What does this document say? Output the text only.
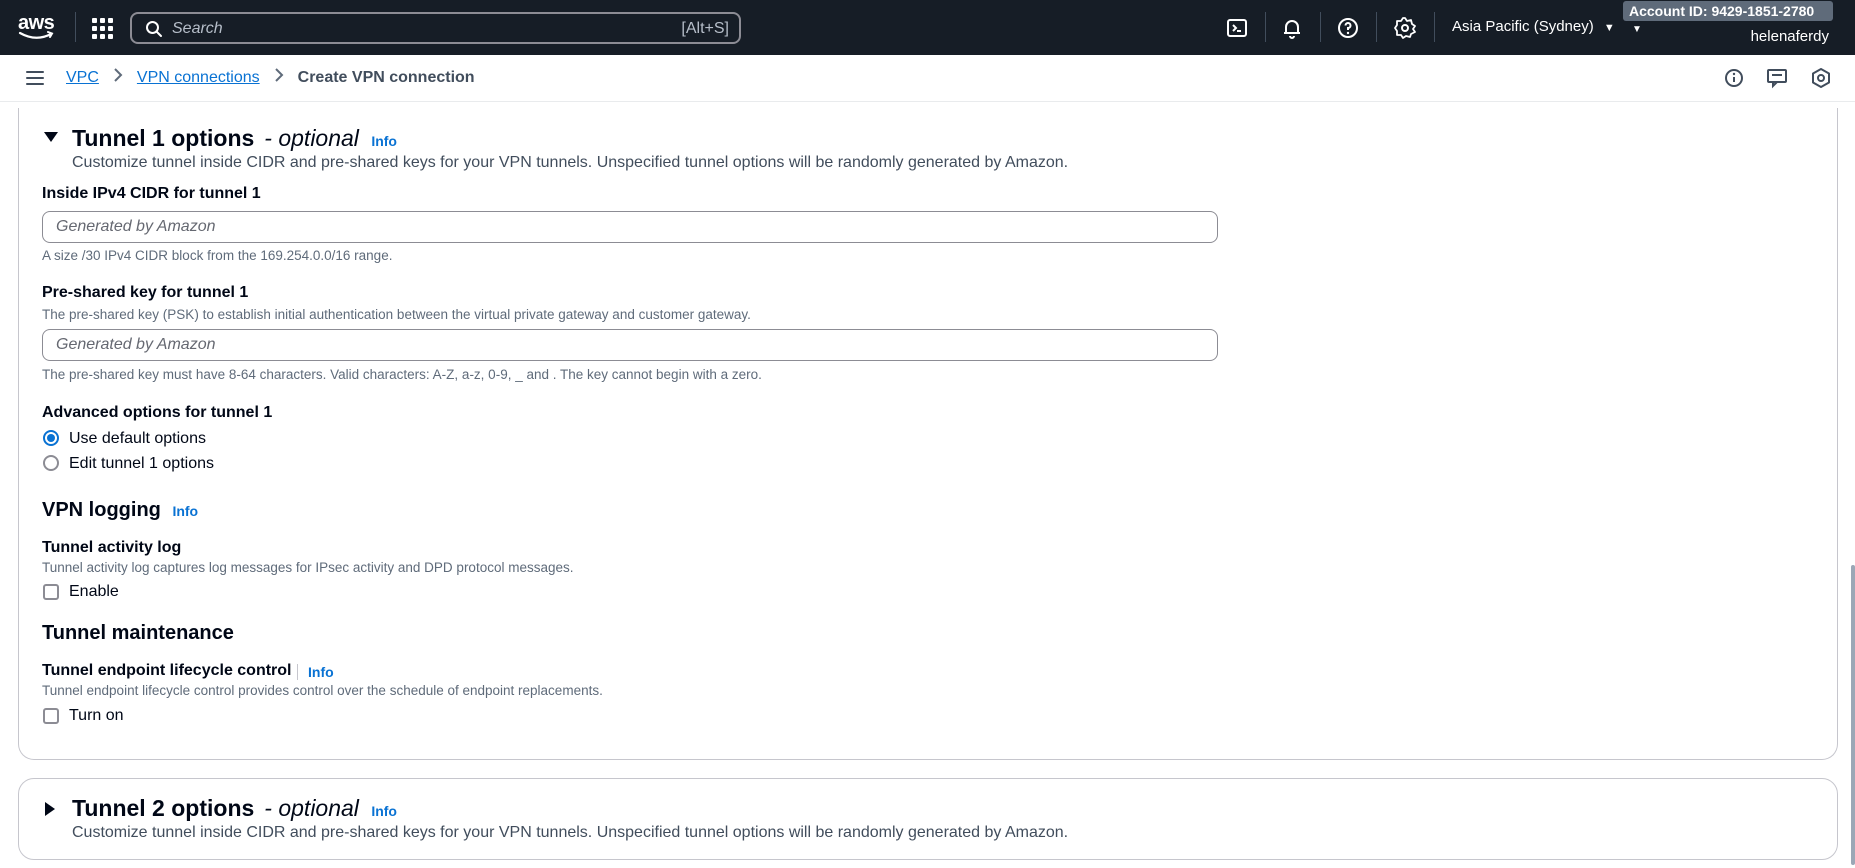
aws	Search	[Alt+S]	Asia Pacific (Sydney) ▼
Account ID: 9429-1851-2780 ▼	helenaferdy
VPC VPN connections Create VPN connection
Tunnel 1 options - optional Info
Customize tunnel inside CIDR and pre-shared keys for your VPN tunnels. Unspecified tunnel options will be randomly generated by Amazon.
Inside IPv4 CIDR for tunnel 1
Generated by Amazon
A size /30 IPv4 CIDR block from the 169.254.0.0/16 range.
Pre-shared key for tunnel 1
The pre-shared key (PSK) to establish initial authentication between the virtual private gateway and customer gateway.
Generated by Amazon
The pre-shared key must have 8-64 characters. Valid characters: A-Z, a-z, 0-9, _ and . The key cannot begin with a zero.
Advanced options for tunnel 1
Use default options
Edit tunnel 1 options
VPN logging Info
Tunnel activity log
Tunnel activity log captures log messages for IPsec activity and DPD protocol messages.
Enable
Tunnel maintenance
Tunnel endpoint lifecycle control Info
Tunnel endpoint lifecycle control provides control over the schedule of endpoint replacements.
Turn on
Tunnel 2 options - optional Info
Customize tunnel inside CIDR and pre-shared keys for your VPN tunnels. Unspecified tunnel options will be randomly generated by Amazon.
